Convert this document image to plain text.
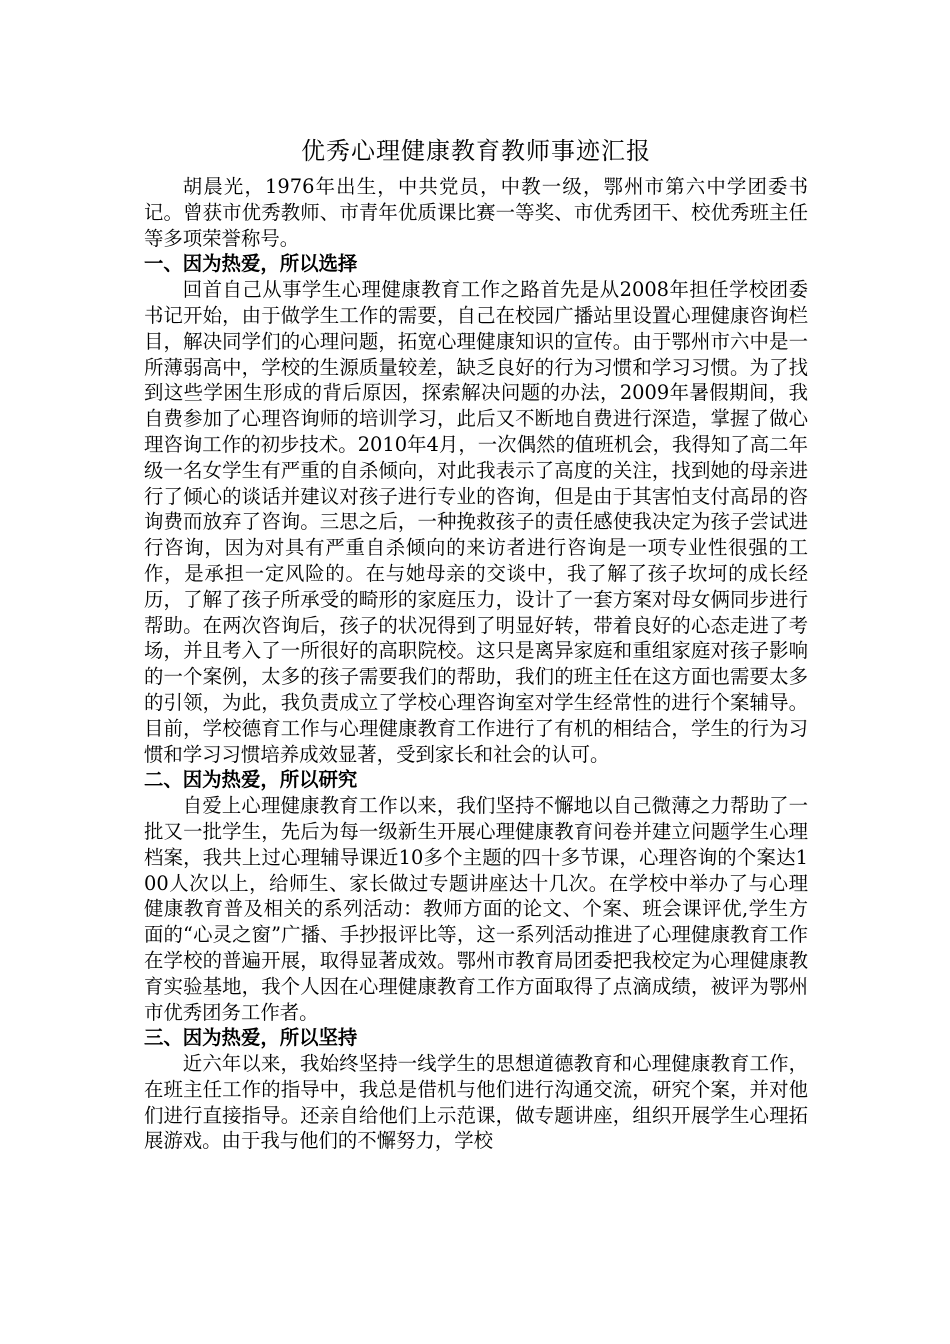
优秀心理健康教育教师事迹汇报

胡晨光，1976年出生，中共党员，中教一级，鄂州市第六中学团委书记。曾获市优秀教师、市青年优质课比赛一等奖、市优秀团干、校优秀班主任等多项荣誉称号。

一、因为热爱，所以选择

回首自己从事学生心理健康教育工作之路首先是从2008年担任学校团委书记开始，由于做学生工作的需要，自己在校园广播站里设置心理健康咨询栏目，解决同学们的心理问题，拓宽心理健康知识的宣传。由于鄂州市六中是一所薄弱高中，学校的生源质量较差，缺乏良好的行为习惯和学习习惯。为了找到这些学困生形成的背后原因，探索解决问题的办法，2009年暑假期间，我自费参加了心理咨询师的培训学习，此后又不断地自费进行深造，掌握了做心理咨询工作的初步技术。2010年4月，一次偶然的值班机会，我得知了高二年级一名女学生有严重的自杀倾向，对此我表示了高度的关注，找到她的母亲进行了倾心的谈话并建议对孩子进行专业的咨询，但是由于其害怕支付高昂的咨询费而放弃了咨询。三思之后，一种挽救孩子的责任感使我决定为孩子尝试进行咨询，因为对具有严重自杀倾向的来访者进行咨询是一项专业性很强的工作，是承担一定风险的。在与她母亲的交谈中，我了解了孩子坎坷的成长经历，了解了孩子所承受的畸形的家庭压力，设计了一套方案对母女俩同步进行帮助。在两次咨询后，孩子的状况得到了明显好转，带着良好的心态走进了考场，并且考入了一所很好的高职院校。这只是离异家庭和重组家庭对孩子影响的一个案例，太多的孩子需要我们的帮助，我们的班主任在这方面也需要太多的引领，为此，我负责成立了学校心理咨询室对学生经常性的进行个案辅导。目前，学校德育工作与心理健康教育工作进行了有机的相结合，学生的行为习惯和学习习惯培养成效显著，受到家长和社会的认可。

二、因为热爱，所以研究

自爱上心理健康教育工作以来，我们坚持不懈地以自己微薄之力帮助了一批又一批学生，先后为每一级新生开展心理健康教育问卷并建立问题学生心理档案，我共上过心理辅导课近10多个主题的四十多节课，心理咨询的个案达100人次以上，给师生、家长做过专题讲座达十几次。在学校中举办了与心理健康教育普及相关的系列活动：教师方面的论文、个案、班会课评优,学生方面的“心灵之窗”广播、手抄报评比等，这一系列活动推进了心理健康教育工作在学校的普遍开展，取得显著成效。鄂州市教育局团委把我校定为心理健康教育实验基地，我个人因在心理健康教育工作方面取得了点滴成绩，被评为鄂州市优秀团务工作者。

三、因为热爱，所以坚持

近六年以来，我始终坚持一线学生的思想道德教育和心理健康教育工作，在班主任工作的指导中，我总是借机与他们进行沟通交流，研究个案，并对他们进行直接指导。还亲自给他们上示范课，做专题讲座，组织开展学生心理拓展游戏。由于我与他们的不懈努力，学校
